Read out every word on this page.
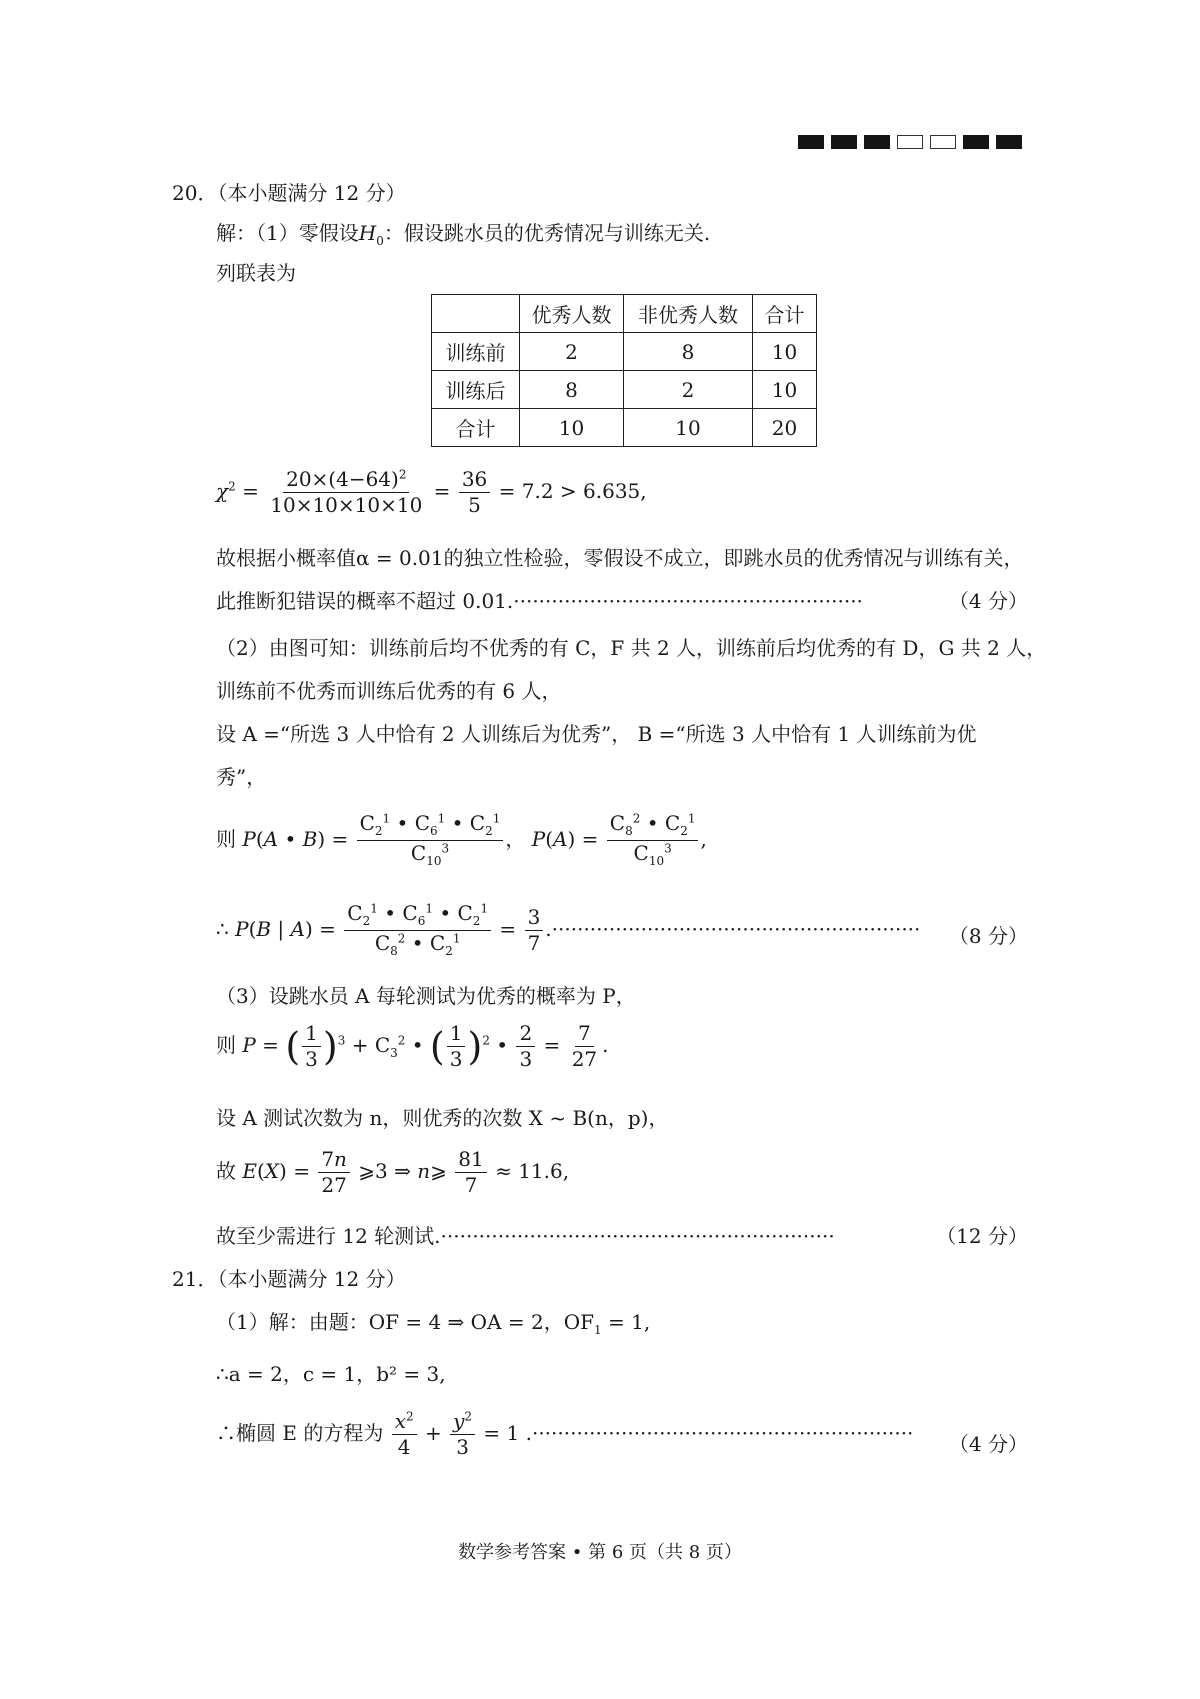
20．（本小题满分 12 分）
解：（1）零假设$H_0$：假设跳水员的优秀情况与训练无关.
列联表为
	优秀人数	非优秀人数	合计
训练前	2	8	10
训练后	8	2	10
合计	10	10	20
$\chi^2 = \frac{20\times(4-64)^2}{10\times 10\times 10\times 10} = \frac{36}{5} = 7.2 > 6.635$,
故根据小概率值α = 0.01的独立性检验，零假设不成立，即跳水员的优秀情况与训练有关，
此推断犯错误的概率不超过 0.01.·······················································	（4 分）
（2）由图可知：训练前后均不优秀的有 C，F 共 2 人，训练前后均优秀的有 D，G 共 2 人，
训练前不优秀而训练后优秀的有 6 人，
设 A =“所选 3 人中恰有 2 人训练后为优秀”， B =“所选 3 人中恰有 1 人训练前为优
秀”，
则 P(A • $B) = \frac{C_2^1 • C_6^1 • C_2^1}{C_{10}^3}$ ， $P(A) = \frac{C_8^2 • C_2^1}{C_{10}^3}$ ,
∴ P(B | $A) = \frac{C_2^1 • C_6^1 • C_2^1}{C_8^2 • C_2^1} = \frac{3}{7}$ .·························································· （8 分）
（3）设跳水员 A 每轮测试为优秀的概率为 P，
则 P = ( $\frac{1}{3} )^3 + C_3^2$ • ( $\frac{1}{3} )^2$ • $\frac{2}{3} = \frac{7}{27}$ .
设 A 测试次数为 n，则优秀的次数 X ~ B(n，p)，
故 $E(X) = \frac{7n}{27}$ ⩾3 ⇒ n⩾ $\frac{81}{7} \approx 11.6$,
故至少需进行 12 轮测试.······························································	（12 分）
21．（本小题满分 12 分）
（1）解：由题：OF = 4 ⇒ OA = 2，$OF_1 = 1$,
∴a = 2，c = 1，b² = 3,
∴椭圆 E 的方程为 $\frac{x^2}{4} + \frac{y^2}{3} = 1$ .···························································· （4 分）
数学参考答案 • 第 6 页（共 8 页）
